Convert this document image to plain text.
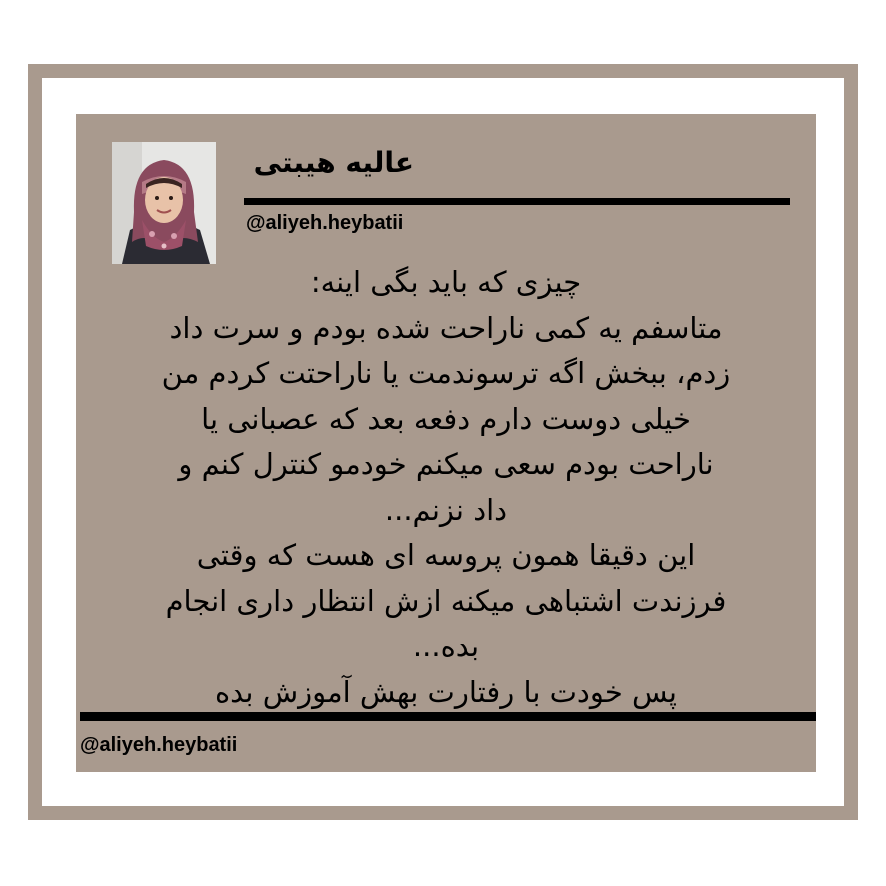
عالیه هیبتی
@aliyeh.heybatii
چیزی که باید بگی اینه:
متاسفم یه کمی ناراحت شده بودم و سرت داد
زدم، ببخش اگه ترسوندمت یا ناراحتت کردم من
خیلی دوست دارم دفعه بعد که عصبانی یا
ناراحت بودم سعی میکنم خودمو کنترل کنم و
داد نزنم...
این دقیقا همون پروسه ای هست که وقتی
فرزندت اشتباهی میکنه ازش انتظار داری انجام
بده...
پس خودت با رفتارت بهش آموزش بده
@aliyeh.heybatii
